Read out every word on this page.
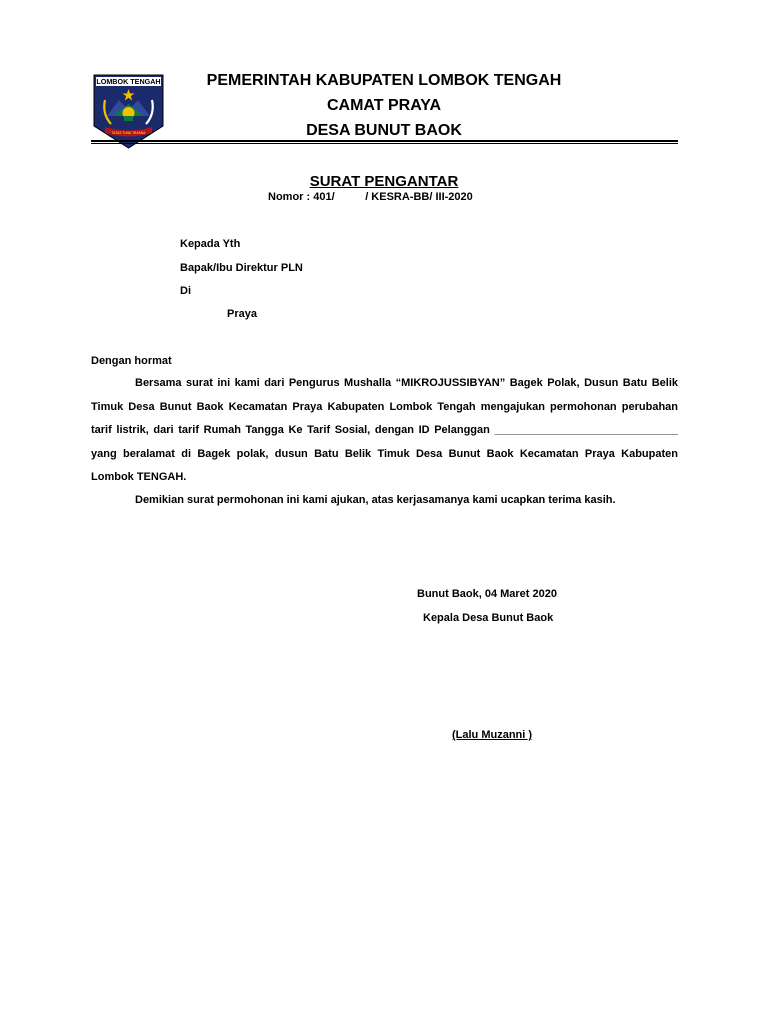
LOMBOK TENGAH
TATAS TUHU TRASNA
PEMERINTAH KABUPATEN LOMBOK TENGAH
CAMAT PRAYA
DESA BUNUT BAOK
SURAT PENGANTAR
Nomor : 401/          / KESRA-BB/ III-2020
Kepada Yth
Bapak/Ibu Direktur PLN
Di
Praya
Dengan hormat

Bersama surat ini kami dari Pengurus Mushalla “MIKROJUSSIBYAN” Bagek Polak, Dusun Batu Belik Timuk Desa Bunut Baok Kecamatan Praya Kabupaten Lombok Tengah mengajukan permohonan perubahan tarif listrik, dari tarif Rumah Tangga Ke Tarif Sosial, dengan ID Pelanggan ______________________________ yang beralamat di Bagek polak, dusun Batu Belik Timuk Desa Bunut Baok Kecamatan Praya Kabupaten Lombok TENGAH.

Demikian surat permohonan ini kami ajukan, atas kerjasamanya kami ucapkan terima kasih.

Bunut Baok, 04 Maret 2020
Kepala Desa Bunut Baok
(Lalu Muzanni )
